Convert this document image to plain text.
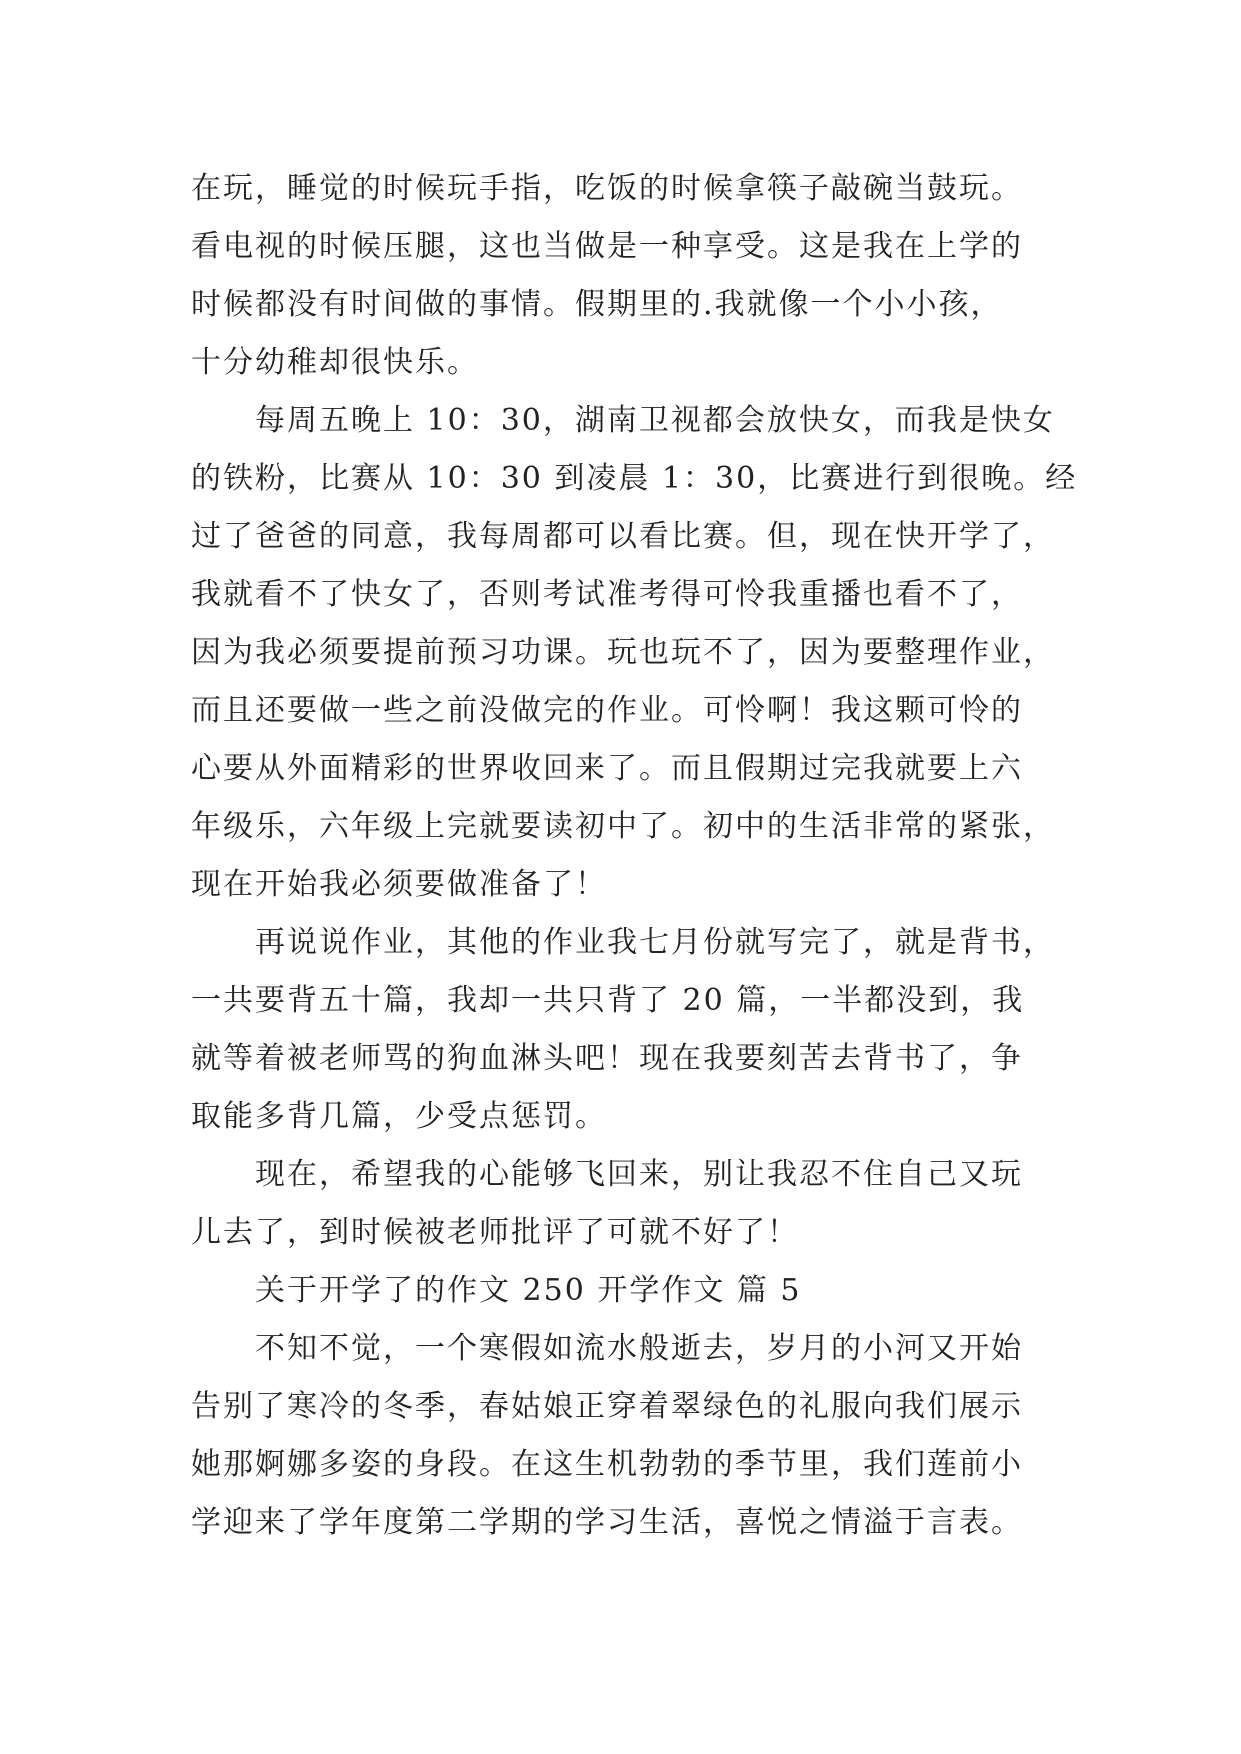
在玩，睡觉的时候玩手指，吃饭的时候拿筷子敲碗当鼓玩。
看电视的时候压腿，这也当做是一种享受。这是我在上学的
时候都没有时间做的事情。假期里的.我就像一个小小孩，
十分幼稚却很快乐。
每周五晚上 10：30，湖南卫视都会放快女，而我是快女
的铁粉，比赛从 10：30 到凌晨 1：30，比赛进行到很晚。经
过了爸爸的同意，我每周都可以看比赛。但，现在快开学了，
我就看不了快女了，否则考试准考得可怜我重播也看不了，
因为我必须要提前预习功课。玩也玩不了，因为要整理作业，
而且还要做一些之前没做完的作业。可怜啊！我这颗可怜的
心要从外面精彩的世界收回来了。而且假期过完我就要上六
年级乐，六年级上完就要读初中了。初中的生活非常的紧张，
现在开始我必须要做准备了！
再说说作业，其他的作业我七月份就写完了，就是背书，
一共要背五十篇，我却一共只背了 20 篇，一半都没到，我
就等着被老师骂的狗血淋头吧！现在我要刻苦去背书了，争
取能多背几篇，少受点惩罚。
现在，希望我的心能够飞回来，别让我忍不住自己又玩
儿去了，到时候被老师批评了可就不好了！
关于开学了的作文 250 开学作文 篇 5
不知不觉，一个寒假如流水般逝去，岁月的小河又开始
告别了寒冷的冬季，春姑娘正穿着翠绿色的礼服向我们展示
她那婀娜多姿的身段。在这生机勃勃的季节里，我们莲前小
学迎来了学年度第二学期的学习生活，喜悦之情溢于言表。
